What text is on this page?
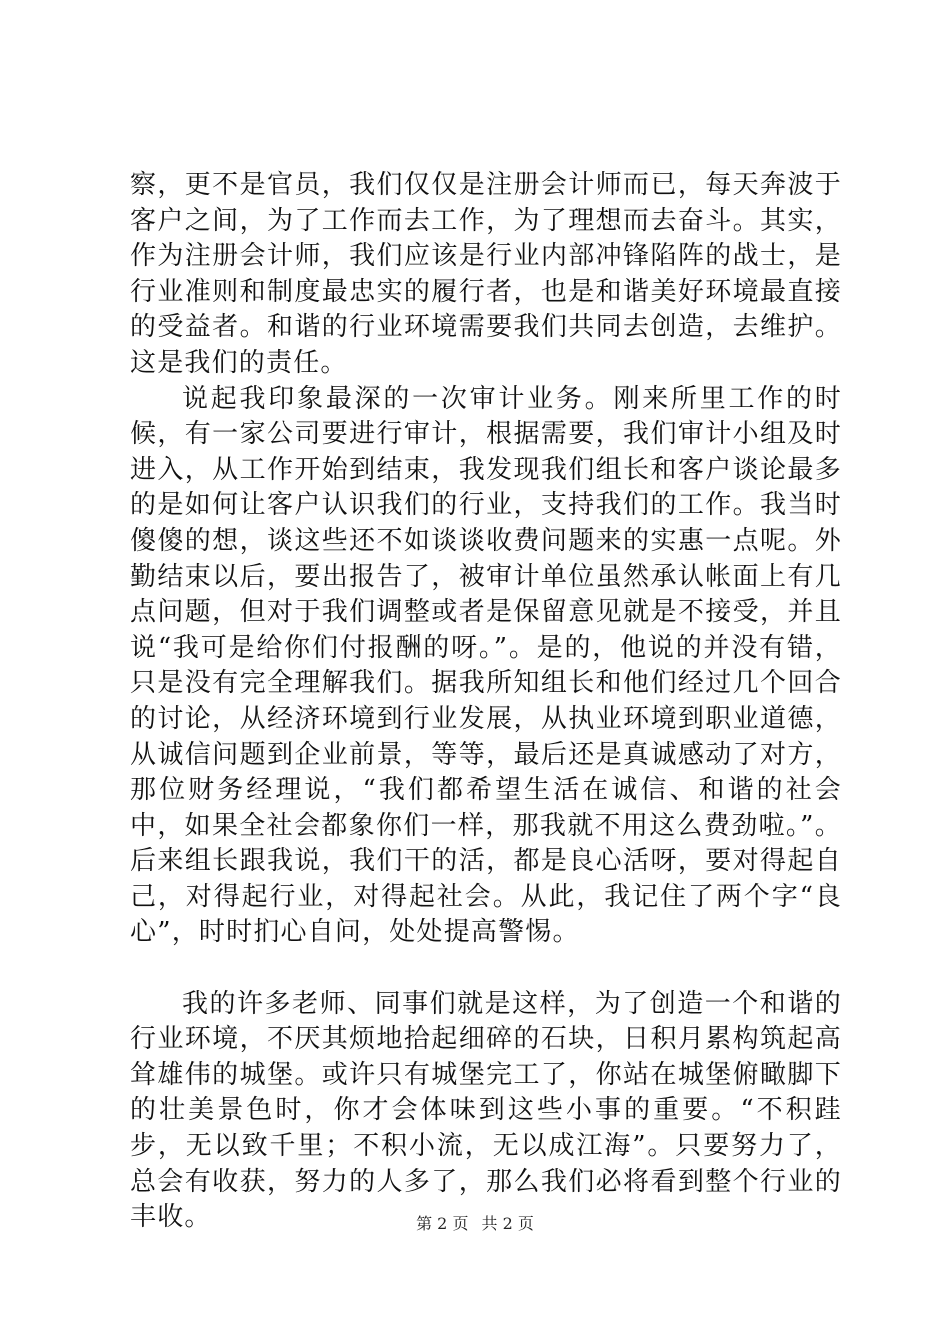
察，更不是官员，我们仅仅是注册会计师而已，每天奔波于客户之间，为了工作而去工作，为了理想而去奋斗。其实，作为注册会计师，我们应该是行业内部冲锋陷阵的战士，是行业准则和制度最忠实的履行者，也是和谐美好环境最直接的受益者。和谐的行业环境需要我们共同去创造，去维护。这是我们的责任。

说起我印象最深的一次审计业务。刚来所里工作的时候，有一家公司要进行审计，根据需要，我们审计小组及时进入，从工作开始到结束，我发现我们组长和客户谈论最多的是如何让客户认识我们的行业，支持我们的工作。我当时傻傻的想，谈这些还不如谈谈收费问题来的实惠一点呢。外勤结束以后，要出报告了，被审计单位虽然承认帐面上有几点问题，但对于我们调整或者是保留意见就是不接受，并且说“我可是给你们付报酬的呀。”。是的，他说的并没有错，只是没有完全理解我们。据我所知组长和他们经过几个回合的讨论，从经济环境到行业发展，从执业环境到职业道德，从诚信问题到企业前景，等等，最后还是真诚感动了对方，那位财务经理说，“我们都希望生活在诚信、和谐的社会中，如果全社会都象你们一样，那我就不用这么费劲啦。”。后来组长跟我说，我们干的活，都是良心活呀，要对得起自己，对得起行业，对得起社会。从此，我记住了两个字“良心”，时时扪心自问，处处提高警惕。

我的许多老师、同事们就是这样，为了创造一个和谐的行业环境，不厌其烦地拾起细碎的石块，日积月累构筑起高耸雄伟的城堡。或许只有城堡完工了，你站在城堡俯瞰脚下的壮美景色时，你才会体味到这些小事的重要。“不积跬步，无以致千里；不积小流，无以成江海”。只要努力了，总会有收获，努力的人多了，那么我们必将看到整个行业的丰收。	第 2 页 共 2 页
